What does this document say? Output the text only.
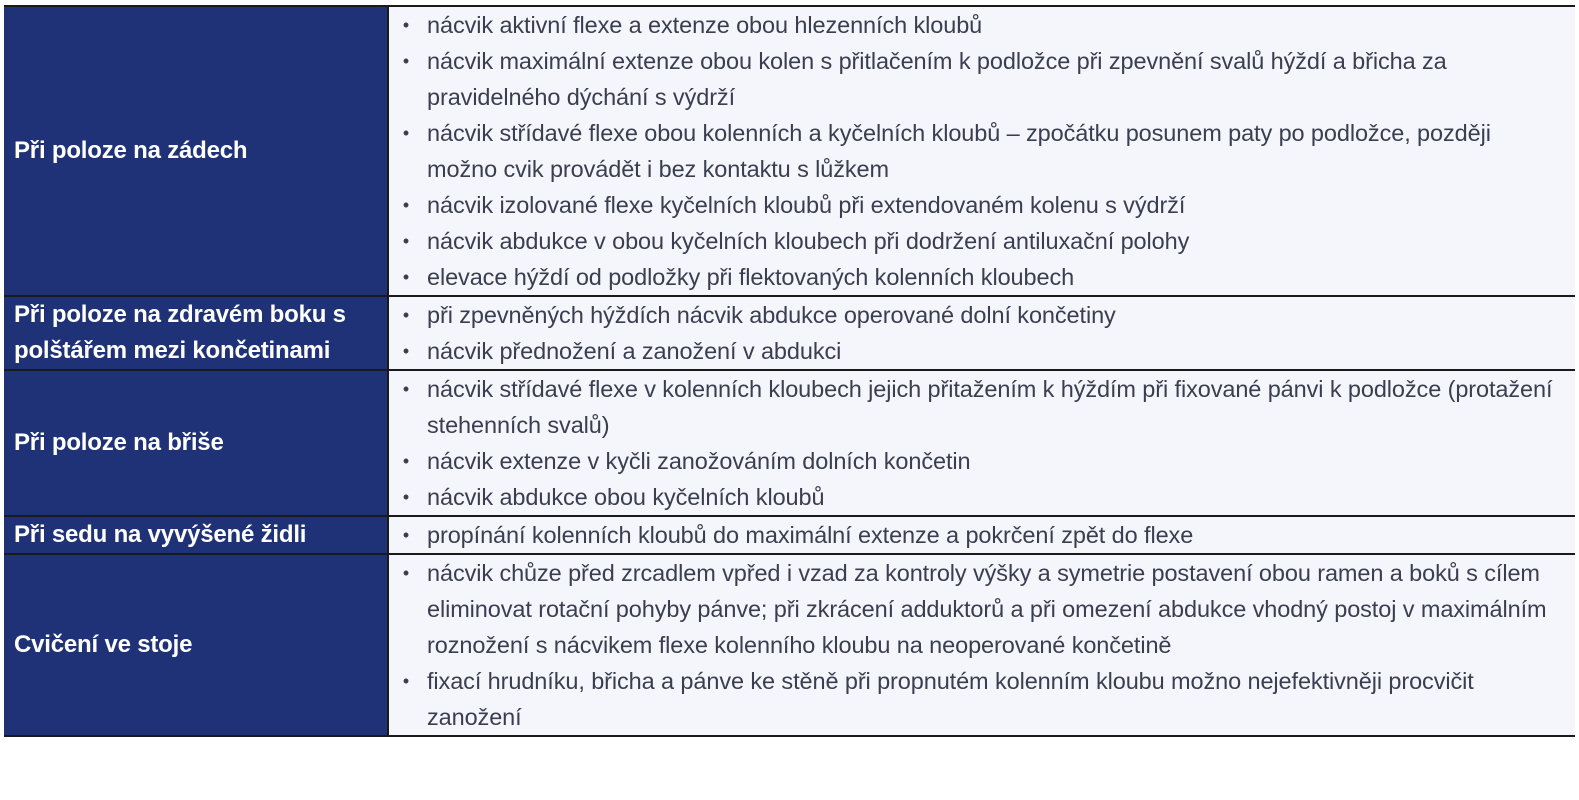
Při poloze na zádech
• nácvik aktivní flexe a extenze obou hlezenních kloubů
• nácvik maximální extenze obou kolen s přitlačením k podložce při zpevnění svalů hýždí a břicha za pravidelného dýchání s výdrží
• nácvik střídavé flexe obou kolenních a kyčelních kloubů – zpočátku posunem paty po podložce, později možno cvik provádět i bez kontaktu s lůžkem
• nácvik izolované flexe kyčelních kloubů při extendovaném kolenu s výdrží
• nácvik abdukce v obou kyčelních kloubech při dodržení antiluxační polohy
• elevace hýždí od podložky při flektovaných kolenních kloubech
Při poloze na zdravém boku s polštářem mezi končetinami
• při zpevněných hýždích nácvik abdukce operované dolní končetiny
• nácvik přednožení a zanožení v abdukci
Při poloze na břiše
• nácvik střídavé flexe v kolenních kloubech jejich přitažením k hýždím při fixované pánvi k podložce (protažení stehenních svalů)
• nácvik extenze v kyčli zanožováním dolních končetin
• nácvik abdukce obou kyčelních kloubů
Při sedu na vyvýšené židli	• propínání kolenních kloubů do maximální extenze a pokrčení zpět do flexe
Cvičení ve stoje
• nácvik chůze před zrcadlem vpřed i vzad za kontroly výšky a symetrie postavení obou ramen a boků s cílem eliminovat rotační pohyby pánve; při zkrácení adduktorů a při omezení abdukce vhodný postoj v maximálním roznožení s nácvikem flexe kolenního kloubu na neoperované končetině
• fixací hrudníku, břicha a pánve ke stěně při propnutém kolenním kloubu možno nejefektivněji procvičit zanožení
